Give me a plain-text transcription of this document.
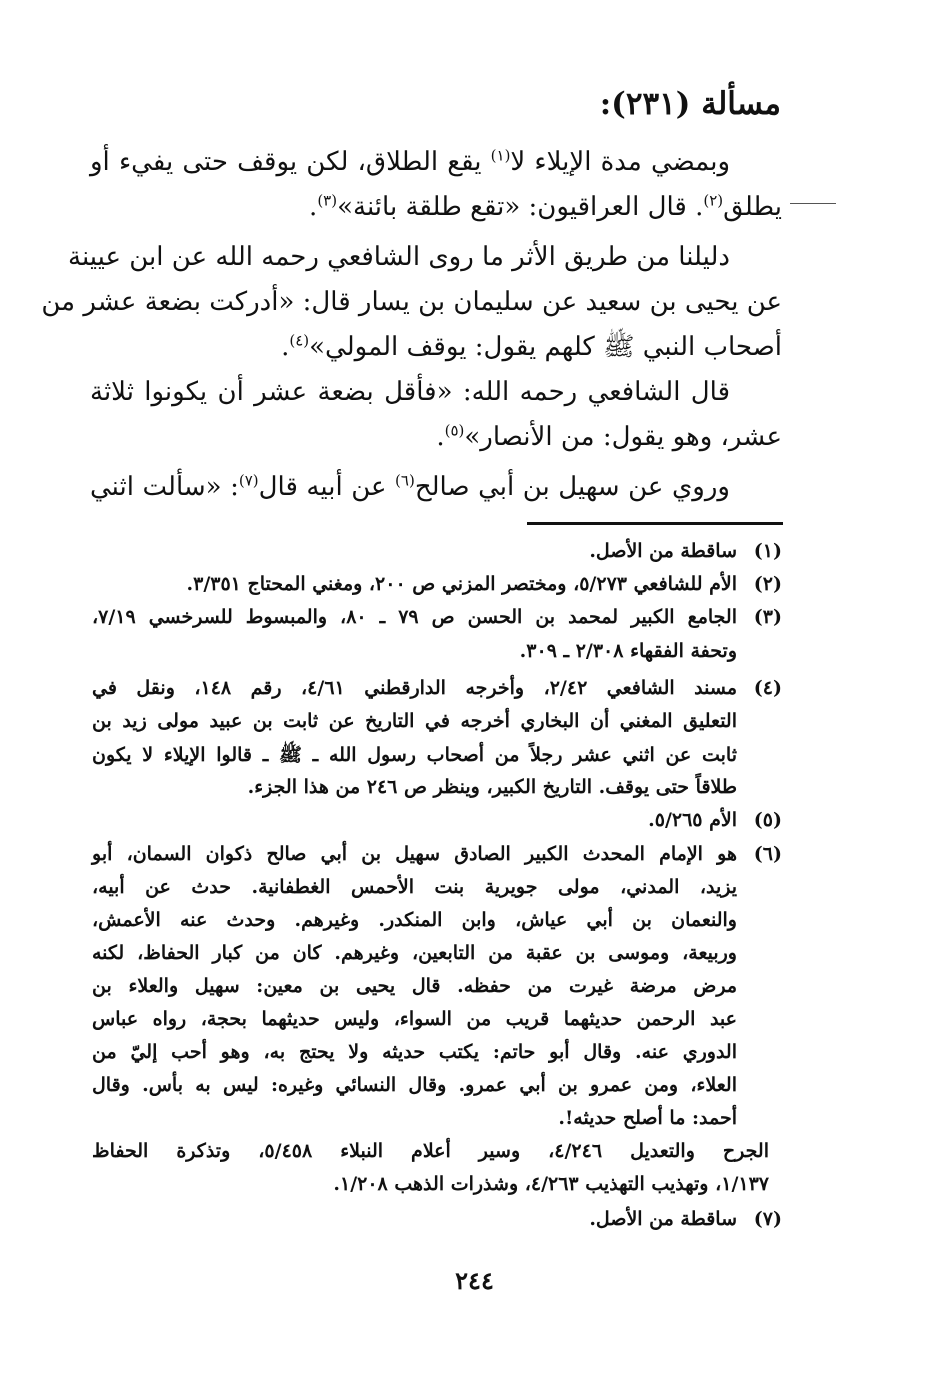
مسألة (٢٣١):
وبمضي مدة الإيلاء لا$^{(١)}$ يقع الطلاق، لكن يوقف حتى يفيء أو
يطلق$^{(٢)}$. قال العراقيون: «تقع طلقة بائنة»$^{(٣)}$.
دليلنا من طريق الأثر ما روى الشافعي رحمه الله عن ابن عيينة
عن يحيى بن سعيد عن سليمان بن يسار قال: «أدركت بضعة عشر من
أصحاب النبي ﷺ كلهم يقول: يوقف المولي»$^{(٤)}$.
قال الشافعي رحمه الله: «فأقل بضعة عشر أن يكونوا ثلاثة
عشر، وهو يقول: من الأنصار»$^{(٥)}$.
وروي عن سهيل بن أبي صالح$^{(٦)}$ عن أبيه قال$^{(٧)}$: «سألت اثني
(١)
ساقطة من الأصل.
(٢)
الأم للشافعي ٥/٢٧٣، ومختصر المزني ص ٢٠٠، ومغني المحتاج ٣/٣٥١.
(٣)
الجامع الكبير لمحمد بن الحسن ص ٧٩ ـ ٨٠، والمبسوط للسرخسي ٧/١٩،
وتحفة الفقهاء ٢/٣٠٨ ـ ٣٠٩.
(٤)
مسند الشافعي ٢/٤٢، وأخرجه الدارقطني ٤/٦١، رقم ١٤٨، ونقل في
التعليق المغني أن البخاري أخرجه في التاريخ عن ثابت بن عبيد مولى زيد بن
ثابت عن اثني عشر رجلاً من أصحاب رسول الله ـ ﷺ ـ قالوا الإيلاء لا يكون
طلاقاً حتى يوقف. التاريخ الكبير، وينظر ص ٢٤٦ من هذا الجزء.
(٥)
الأم ٥/٢٦٥.
(٦)
هو الإمام المحدث الكبير الصادق سهيل بن أبي صالح ذكوان السمان، أبو
يزيد، المدني، مولى جويرية بنت الأحمس الغطفانية. حدث عن أبيه،
والنعمان بن أبي عياش، وابن المنكدر. وغيرهم. وحدث عنه الأعمش،
وربيعة، وموسى بن عقبة من التابعين، وغيرهم. كان من كبار الحفاظ، لكنه
مرض مرضة غيرت من حفظه. قال يحيى بن معين: سهيل والعلاء بن
عبد الرحمن حديثهما قريب من السواء، وليس حديثهما بحجة، رواه عباس
الدوري عنه. وقال أبو حاتم: يكتب حديثه ولا يحتج به، وهو أحب إليّ من
العلاء، ومن عمرو بن أبي عمرو. وقال النسائي وغيره: ليس به بأس. وقال
أحمد: ما أصلح حديثه!.
الجرح والتعديل ٤/٢٤٦، وسير أعلام النبلاء ٥/٤٥٨، وتذكرة الحفاظ
١/١٣٧، وتهذيب التهذيب ٤/٢٦٣، وشذرات الذهب ١/٢٠٨.
(٧)
ساقطة من الأصل.
٢٤٤
